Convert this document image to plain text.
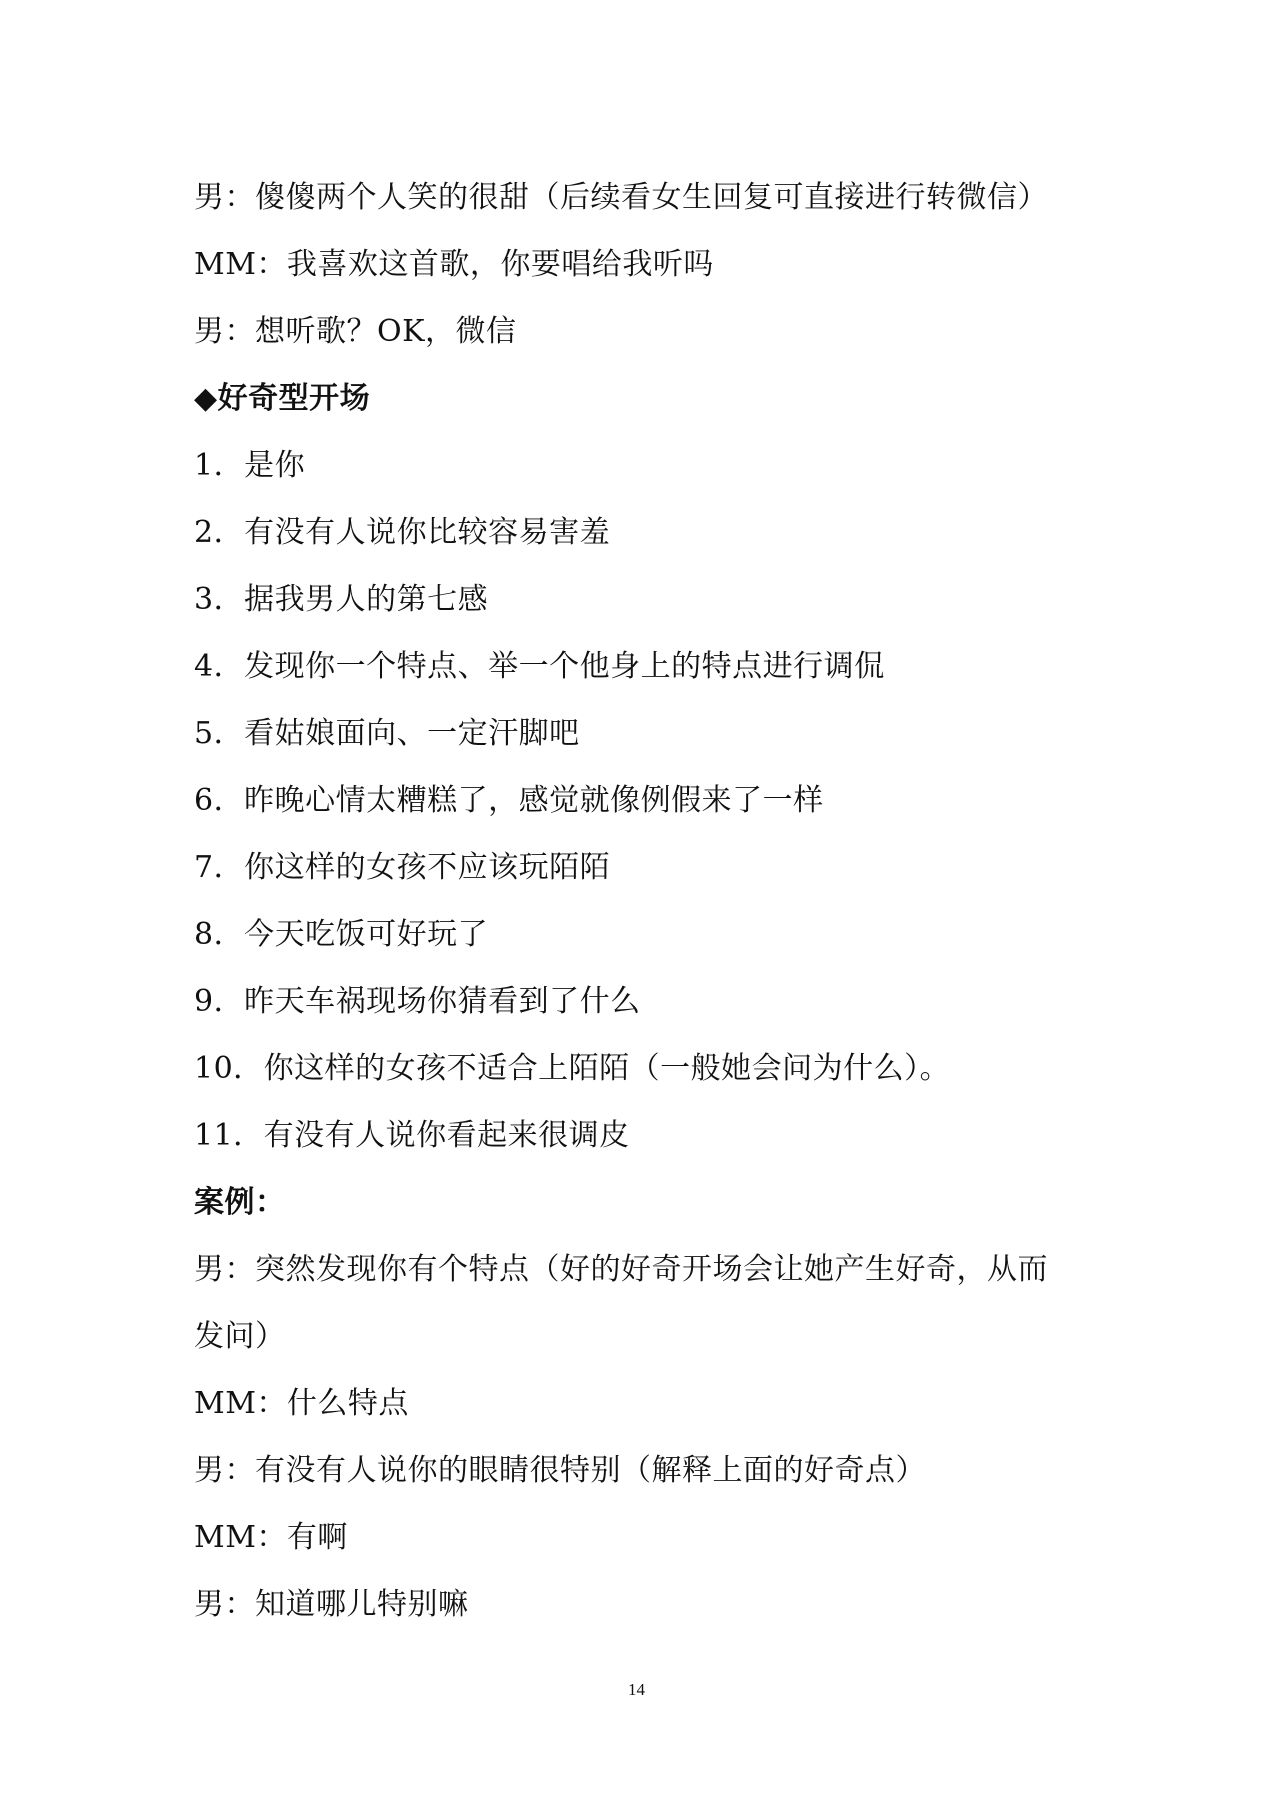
男：傻傻两个人笑的很甜（后续看女生回复可直接进行转微信）
MM：我喜欢这首歌，你要唱给我听吗
男：想听歌？OK，微信
◆好奇型开场
1．是你
2．有没有人说你比较容易害羞
3．据我男人的第七感
4．发现你一个特点、举一个他身上的特点进行调侃
5．看姑娘面向、一定汗脚吧
6．昨晚心情太糟糕了，感觉就像例假来了一样
7．你这样的女孩不应该玩陌陌
8．今天吃饭可好玩了
9．昨天车祸现场你猜看到了什么
10．你这样的女孩不适合上陌陌（一般她会问为什么）。
11．有没有人说你看起来很调皮
案例：
男：突然发现你有个特点（好的好奇开场会让她产生好奇，从而
发问）
MM：什么特点
男：有没有人说你的眼睛很特别（解释上面的好奇点）
MM：有啊
男：知道哪儿特别嘛
14
